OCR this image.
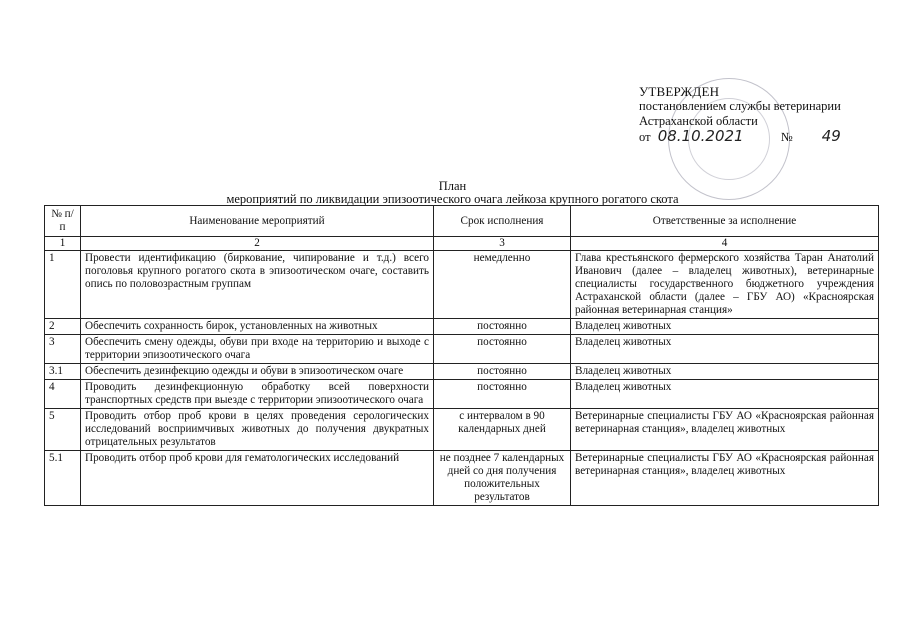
УТВЕРЖДЕН
постановлением службы ветеринарии
Астраханской области
от 08.10.2021	№ 49
План
мероприятий по ликвидации эпизоотического очага лейкоза крупного рогатого скота
№ п/п	Наименование мероприятий	Срок исполнения	Ответственные за исполнение
1	2	3	4
1	Провести идентификацию (биркование, чипирование и т.д.) всего поголовья крупного рогатого скота в эпизоотическом очаге, составить опись по половозрастным группам	немедленно	Глава крестьянского фермерского хозяйства Таран Анатолий Иванович (далее – владелец животных), ветеринарные специалисты государственного бюджетного учреждения Астраханской области (далее – ГБУ АО) «Красноярская районная ветеринарная станция»
2	Обеспечить сохранность бирок, установленных на животных	постоянно	Владелец животных
3	Обеспечить смену одежды, обуви при входе на территорию и выходе с территории эпизоотического очага	постоянно	Владелец животных
3.1	Обеспечить дезинфекцию одежды и обуви в эпизоотическом очаге	постоянно	Владелец животных
4	Проводить дезинфекционную обработку всей поверхности транспортных средств при выезде с территории эпизоотического очага	постоянно	Владелец животных
5	Проводить отбор проб крови в целях проведения серологических исследований восприимчивых животных до получения двукратных отрицательных результатов	с интервалом в 90 календарных дней	Ветеринарные специалисты ГБУ АО «Красноярская районная ветеринарная станция», владелец животных
5.1	Проводить отбор проб крови для гематологических исследований	не позднее 7 календарных дней со дня получения положительных результатов	Ветеринарные специалисты ГБУ АО «Красноярская районная ветеринарная станция», владелец животных
